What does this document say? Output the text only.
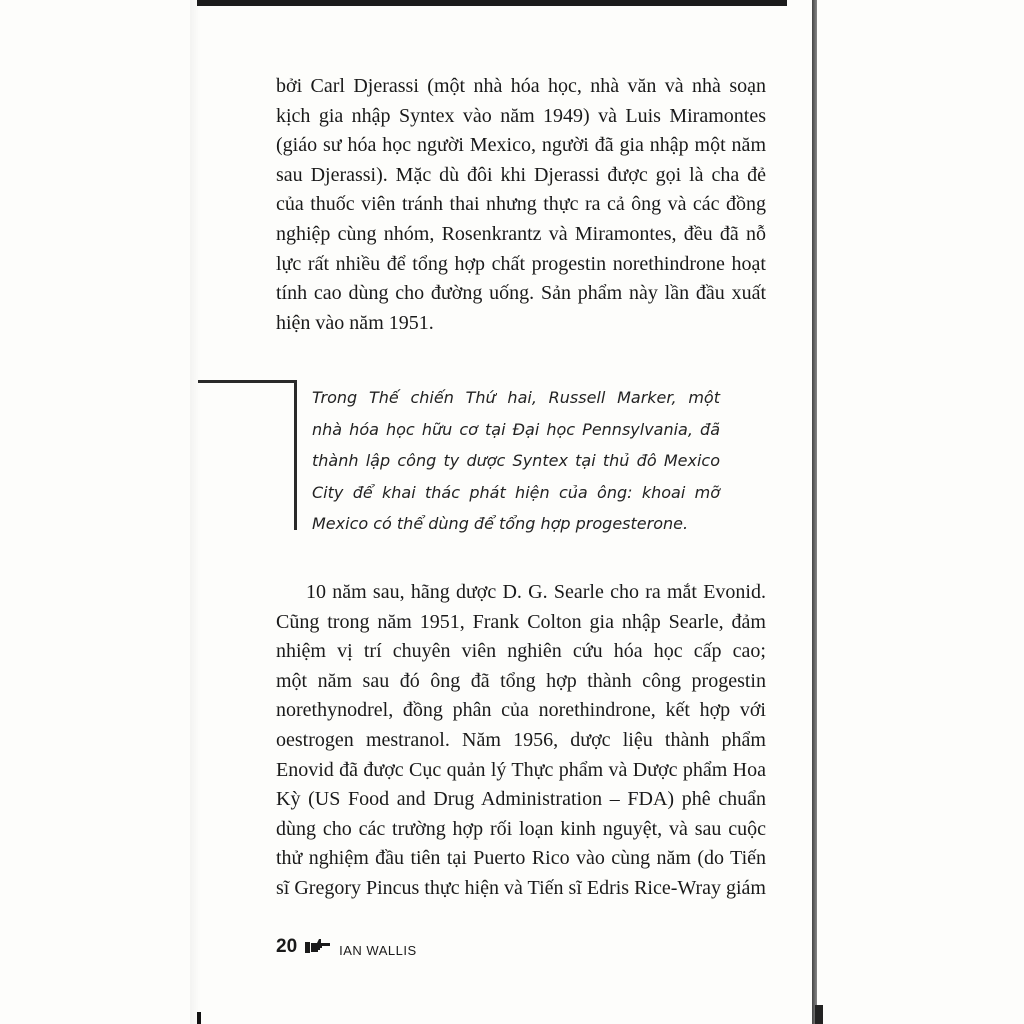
bởi Carl Djerassi (một nhà hóa học, nhà văn và nhà soạn
kịch gia nhập Syntex vào năm 1949) và Luis Miramontes
(giáo sư hóa học người Mexico, người đã gia nhập một năm
sau Djerassi). Mặc dù đôi khi Djerassi được gọi là cha đẻ
của thuốc viên tránh thai nhưng thực ra cả ông và các đồng
nghiệp cùng nhóm, Rosenkrantz và Miramontes, đều đã nỗ
lực rất nhiều để tổng hợp chất progestin norethindrone hoạt
tính cao dùng cho đường uống. Sản phẩm này lần đầu xuất
hiện vào năm 1951.
Trong Thế chiến Thứ hai, Russell Marker, một
nhà hóa học hữu cơ tại Đại học Pennsylvania, đã
thành lập công ty dược Syntex tại thủ đô Mexico
City để khai thác phát hiện của ông: khoai mỡ
Mexico có thể dùng để tổng hợp progesterone.
10 năm sau, hãng dược D. G. Searle cho ra mắt Evonid.
Cũng trong năm 1951, Frank Colton gia nhập Searle, đảm
nhiệm vị trí chuyên viên nghiên cứu hóa học cấp cao;
một năm sau đó ông đã tổng hợp thành công progestin
norethynodrel, đồng phân của norethindrone, kết hợp với
oestrogen mestranol. Năm 1956, dược liệu thành phẩm
Enovid đã được Cục quản lý Thực phẩm và Dược phẩm Hoa
Kỳ (US Food and Drug Administration – FDA) phê chuẩn
dùng cho các trường hợp rối loạn kinh nguyệt, và sau cuộc
thử nghiệm đầu tiên tại Puerto Rico vào cùng năm (do Tiến
sĩ Gregory Pincus thực hiện và Tiến sĩ Edris Rice-Wray giám
20	IAN WALLIS
